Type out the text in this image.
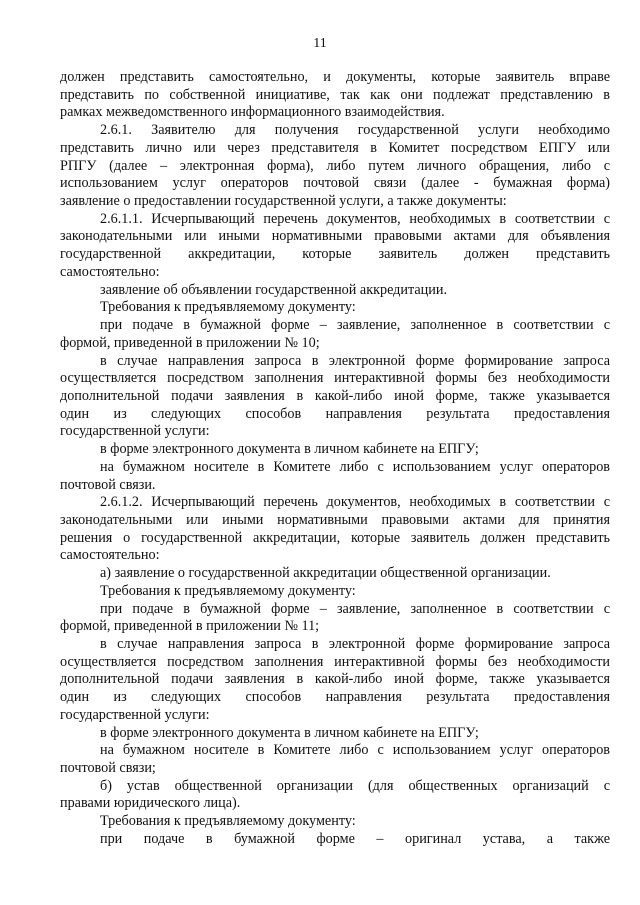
11
должен представить самостоятельно, и документы, которые заявитель вправе
представить по собственной инициативе, так как они подлежат представлению в
рамках межведомственного информационного взаимодействия.
2.6.1. Заявителю для получения государственной услуги необходимо
представить лично или через представителя в Комитет посредством ЕПГУ или
РПГУ (далее – электронная форма), либо путем личного обращения, либо с
использованием услуг операторов почтовой связи (далее - бумажная форма)
заявление о предоставлении государственной услуги, а также документы:
2.6.1.1. Исчерпывающий перечень документов, необходимых в соответствии с
законодательными или иными нормативными правовыми актами для объявления
государственной аккредитации, которые заявитель должен представить
самостоятельно:
заявление об объявлении государственной аккредитации.
Требования к предъявляемому документу:
при подаче в бумажной форме – заявление, заполненное в соответствии с
формой, приведенной в приложении № 10;
в случае направления запроса в электронной форме формирование запроса
осуществляется посредством заполнения интерактивной формы без необходимости
дополнительной подачи заявления в какой-либо иной форме, также указывается
один из следующих способов направления результата предоставления
государственной услуги:
в форме электронного документа в личном кабинете на ЕПГУ;
на бумажном носителе в Комитете либо с использованием услуг операторов
почтовой связи.
2.6.1.2. Исчерпывающий перечень документов, необходимых в соответствии с
законодательными или иными нормативными правовыми актами для принятия
решения о государственной аккредитации, которые заявитель должен представить
самостоятельно:
а) заявление о государственной аккредитации общественной организации.
Требования к предъявляемому документу:
при подаче в бумажной форме – заявление, заполненное в соответствии с
формой, приведенной в приложении № 11;
в случае направления запроса в электронной форме формирование запроса
осуществляется посредством заполнения интерактивной формы без необходимости
дополнительной подачи заявления в какой-либо иной форме, также указывается
один из следующих способов направления результата предоставления
государственной услуги:
в форме электронного документа в личном кабинете на ЕПГУ;
на бумажном носителе в Комитете либо с использованием услуг операторов
почтовой связи;
б) устав общественной организации (для общественных организаций с
правами юридического лица).
Требования к предъявляемому документу:
при подаче в бумажной форме – оригинал устава, а также
